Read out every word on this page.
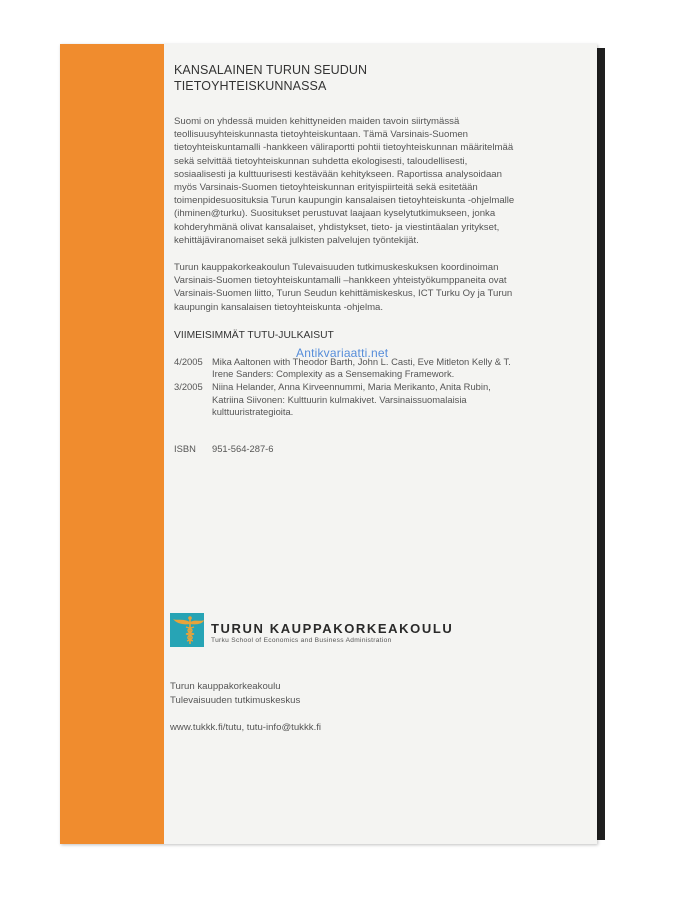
KANSALAINEN TURUN SEUDUN
TIETOYHTEISKUNNASSA

Suomi on yhdessä muiden kehittyneiden maiden tavoin siirtymässä teollisuusyhteiskunnasta tietoyhteiskuntaan. Tämä Varsinais-Suomen tietoyhteiskuntamalli -hankkeen väliraportti pohtii tietoyhteiskunnan määritelmää sekä selvittää tietoyhteiskunnan suhdetta ekologisesti, taloudellisesti, sosiaalisesti ja kulttuurisesti kestävään kehitykseen. Raportissa analysoidaan myös Varsinais-Suomen tietoyhteiskunnan erityispiirteitä sekä esitetään toimenpidesuosituksia Turun kaupungin kansalaisen tietoyhteiskunta -ohjelmalle (ihminen@turku). Suositukset perustuvat laajaan kyselytutkimukseen, jonka kohderyhmänä olivat kansalaiset, yhdistykset, tieto- ja viestintäalan yritykset, kehittäjäviranomaiset sekä julkisten palvelujen työntekijät.

Turun kauppakorkeakoulun Tulevaisuuden tutkimuskeskuksen koordinoiman Varsinais-Suomen tietoyhteiskuntamalli –hankkeen yhteistyökumppaneita ovat Varsinais-Suomen liitto, Turun Seudun kehittämiskeskus, ICT Turku Oy ja Turun kaupungin kansalaisen tietoyhteiskunta -ohjelma.

VIIMEISIMMÄT TUTU-JULKAISUT
4/2005 Mika Aaltonen with Theodor Barth, John L. Casti, Eve Mitleton Kelly & T. Irene Sanders: Complexity as a Sensemaking Framework.
3/2005 Niina Helander, Anna Kirveennummi, Maria Merikanto, Anita Rubin, Katriina Siivonen: Kulttuurin kulmakivet. Varsinaissuomalaisia kulttuuristrategioita.
ISBN	951-564-287-6
TURUN KAUPPAKORKEAKOULU
Turku School of Economics and Business Administration
Turun kauppakorkeakoulu
Tulevaisuuden tutkimuskeskus
www.tukkk.fi/tutu, tutu-info@tukkk.fi
Antikvariaatti.net
